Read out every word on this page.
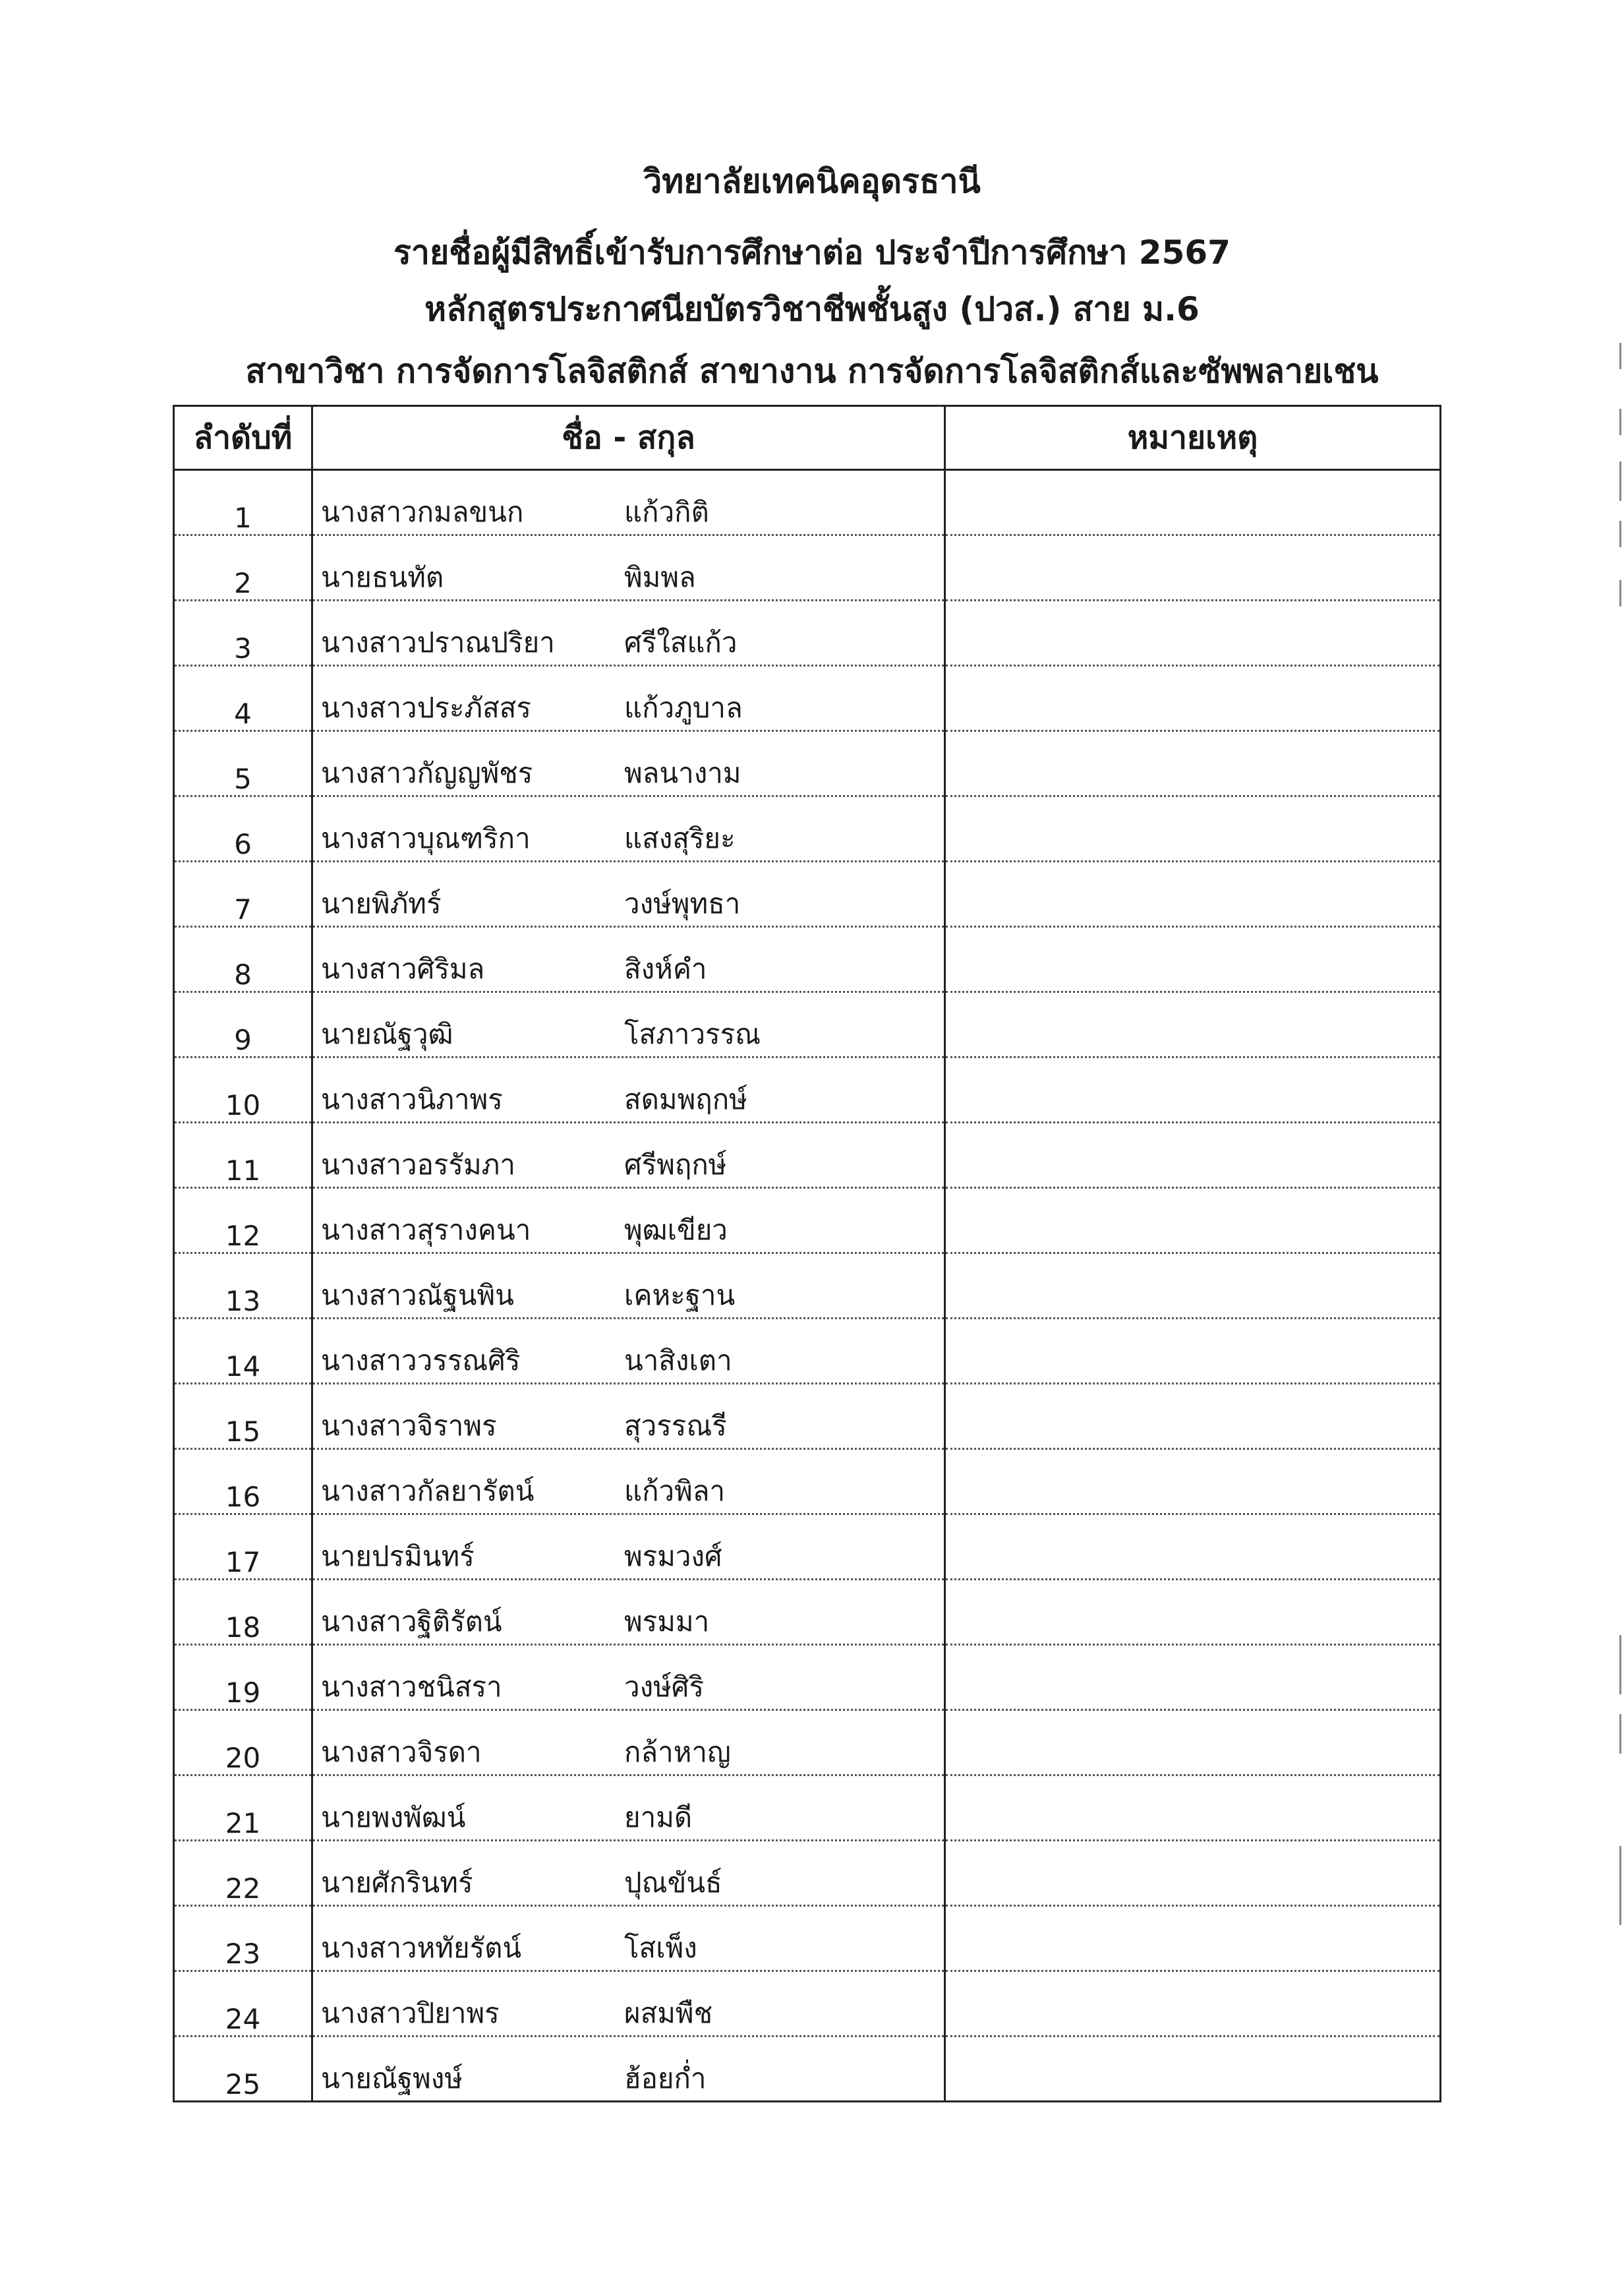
วิทยาลัยเทคนิคอุดรธานี
รายชื่อผู้มีสิทธิ์เข้ารับการศึกษาต่อ ประจำปีการศึกษา 2567
หลักสูตรประกาศนียบัตรวิชาชีพชั้นสูง (ปวส.) สาย ม.6
สาขาวิชา การจัดการโลจิสติกส์ สาขางาน การจัดการโลจิสติกส์และซัพพลายเชน
ลำดับที่	ชื่อ - สกุล	หมายเหตุ
1	นางสาวกมลขนก แก้วกิติ	
2	นายธนทัต พิมพล	
3	นางสาวปราณปริยา ศรีใสแก้ว	
4	นางสาวประภัสสร แก้วภูบาล	
5	นางสาวกัญญพัชร พลนางาม	
6	นางสาวบุณฑริกา แสงสุริยะ	
7	นายพิภัทร์ วงษ์พุทธา	
8	นางสาวศิริมล สิงห์คำ	
9	นายณัฐวุฒิ โสภาวรรณ	
10	นางสาวนิภาพร สดมพฤกษ์	
11	นางสาวอรรัมภา ศรีพฤกษ์	
12	นางสาวสุรางคนา พุฒเขียว	
13	นางสาวณัฐนพิน เคหะฐาน	
14	นางสาววรรณศิริ นาสิงเตา	
15	นางสาวจิราพร สุวรรณรี	
16	นางสาวกัลยารัตน์ แก้วพิลา	
17	นายปรมินทร์ พรมวงศ์	
18	นางสาวฐิติรัตน์ พรมมา	
19	นางสาวชนิสรา วงษ์ศิริ	
20	นางสาวจิรดา กล้าหาญ	
21	นายพงพัฒน์ ยามดี	
22	นายศักรินทร์ ปุณขันธ์	
23	นางสาวหทัยรัตน์ โสเพ็ง	
24	นางสาวปิยาพร ผสมพืช	
25	นายณัฐพงษ์ ฮ้อยก่ำ	
